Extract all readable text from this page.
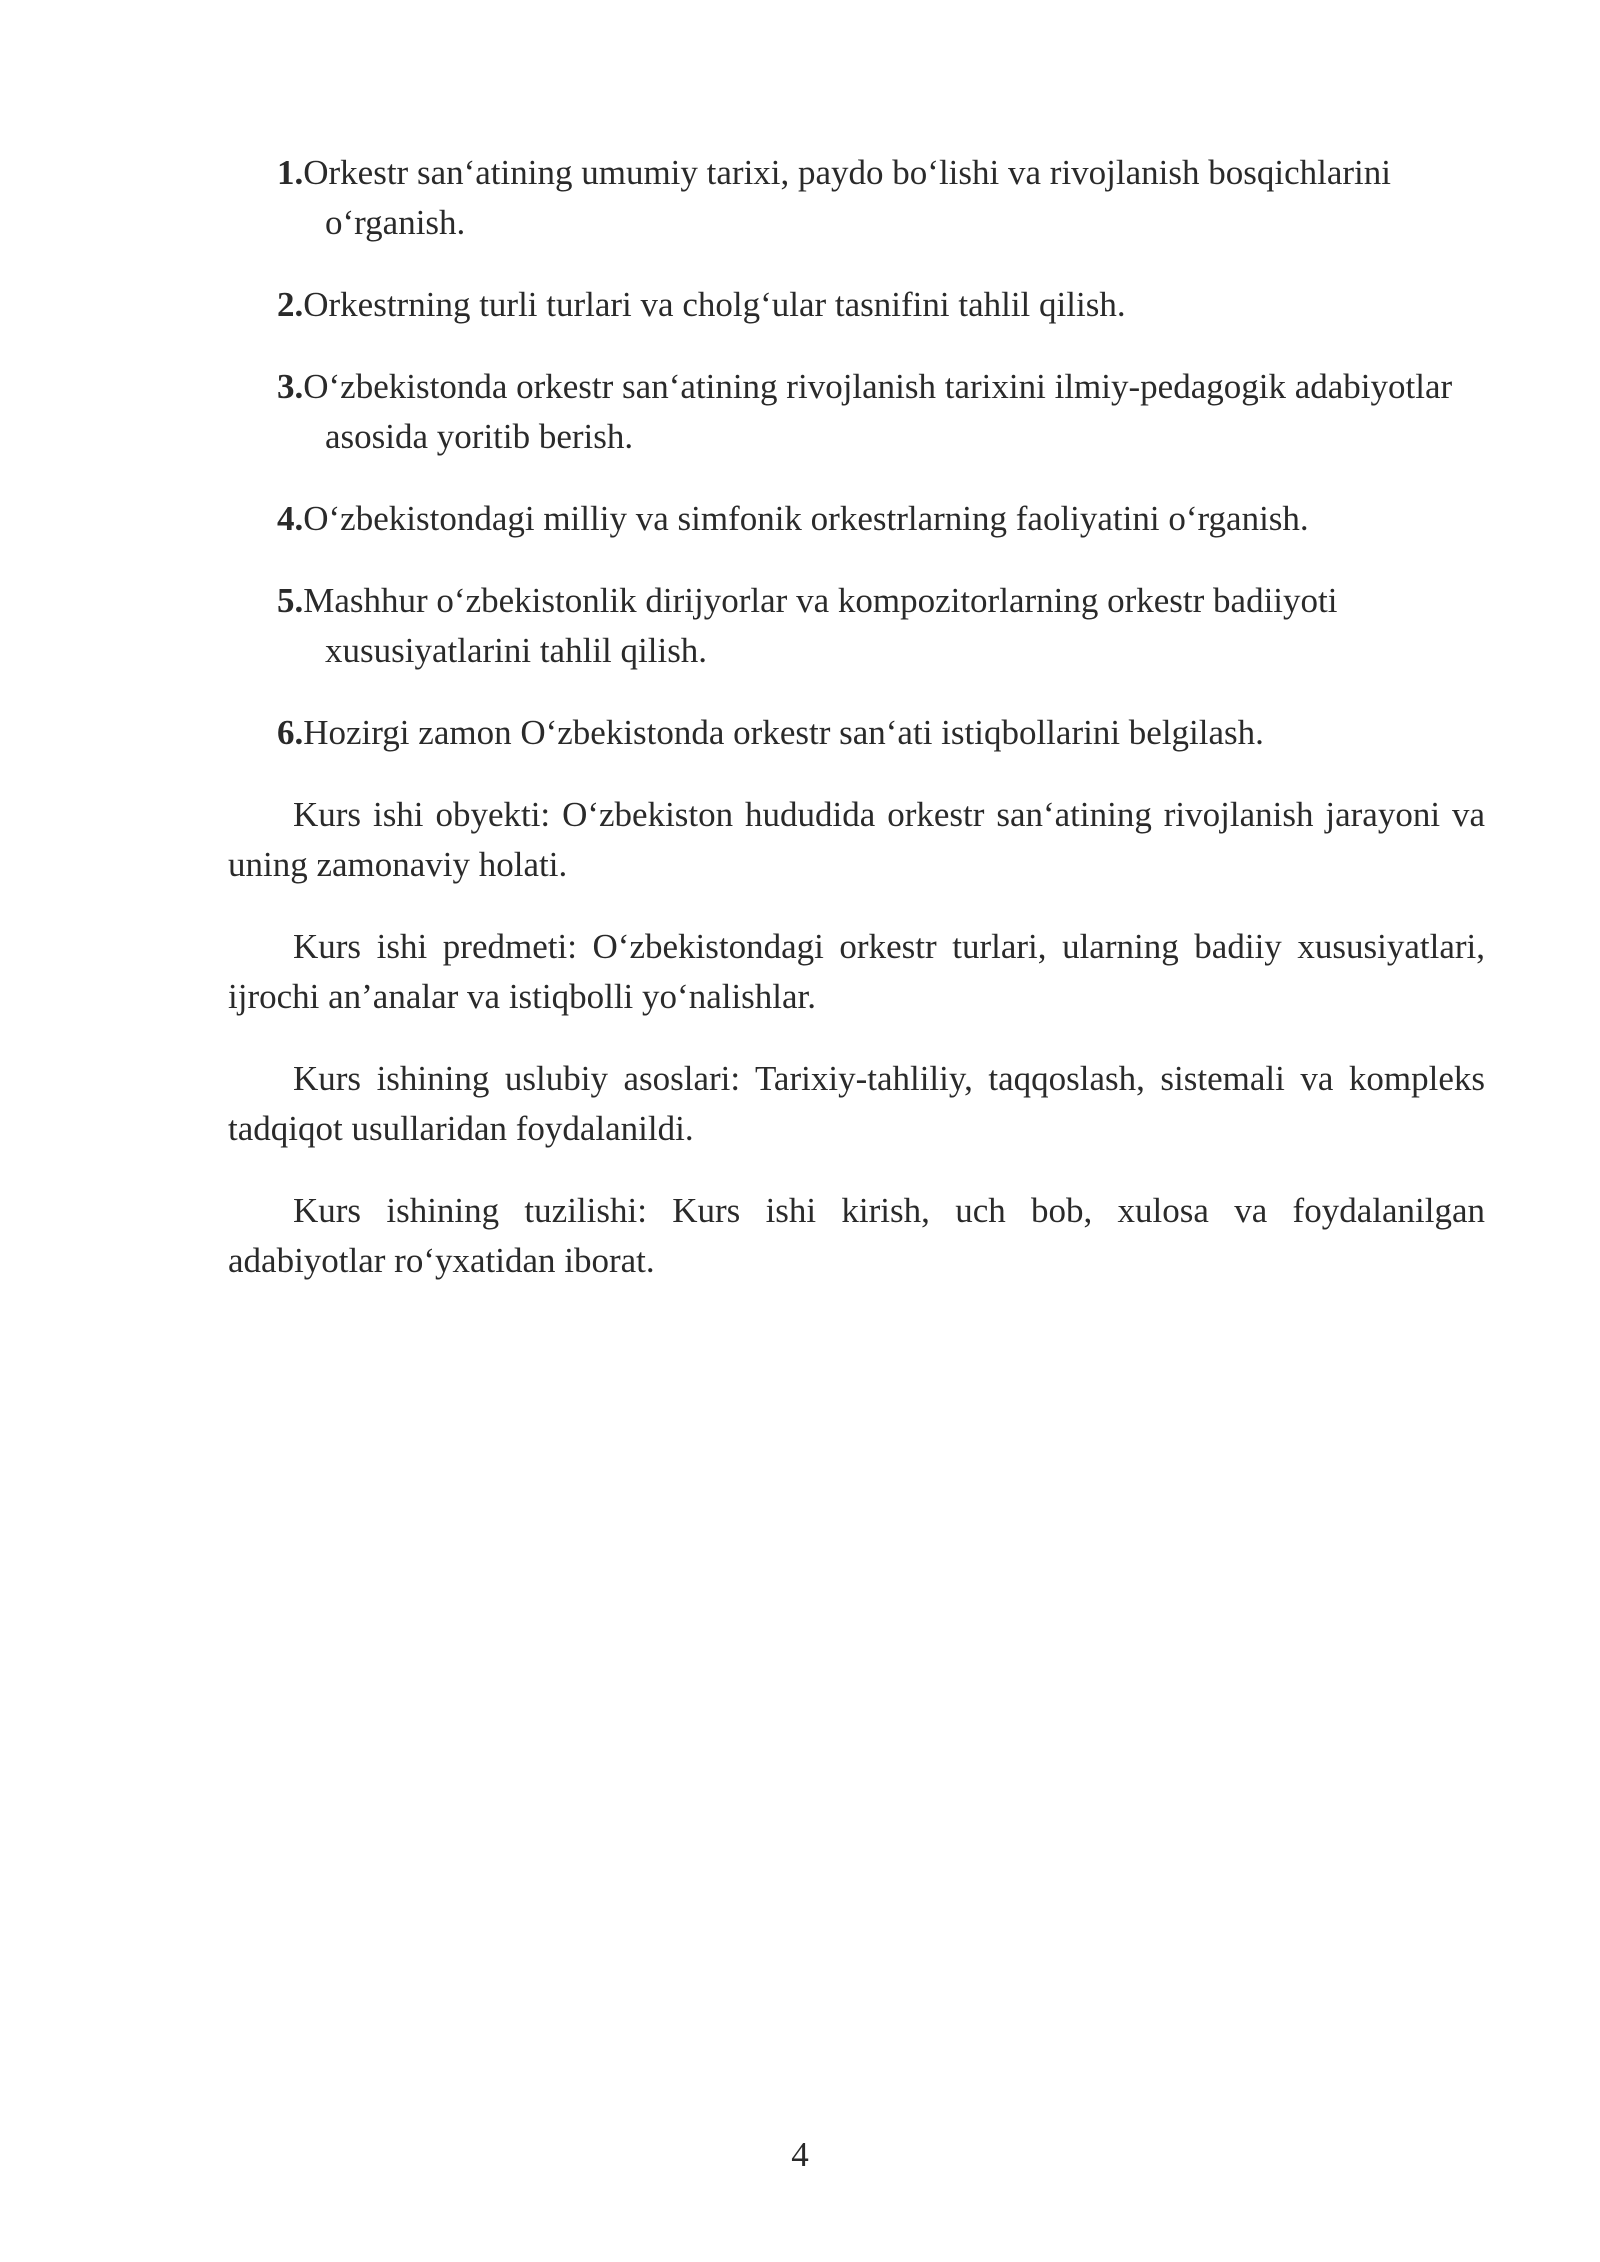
1.Orkestr san‘atining umumiy tarixi, paydo bo‘lishi va rivojlanish bosqichlarini o‘rganish.

2.Orkestrning turli turlari va cholg‘ular tasnifini tahlil qilish.

3.O‘zbekistonda orkestr san‘atining rivojlanish tarixini ilmiy-pedagogik adabiyotlar asosida yoritib berish.

4.O‘zbekistondagi milliy va simfonik orkestrlarning faoliyatini o‘rganish.

5.Mashhur o‘zbekistonlik dirijyorlar va kompozitorlarning orkestr badiiyoti xususiyatlarini tahlil qilish.

6.Hozirgi zamon O‘zbekistonda orkestr san‘ati istiqbollarini belgilash.

Kurs ishi obyekti: O‘zbekiston hududida orkestr san‘atining rivojlanish jarayoni va uning zamonaviy holati.

Kurs ishi predmeti: O‘zbekistondagi orkestr turlari, ularning badiiy xususiyatlari, ijrochi an’analar va istiqbolli yo‘nalishlar.

Kurs ishining uslubiy asoslari: Tarixiy-tahliliy, taqqoslash, sistemali va kompleks tadqiqot usullaridan foydalanildi.

Kurs ishining tuzilishi: Kurs ishi kirish, uch bob, xulosa va foydalanilgan adabiyotlar ro‘yxatidan iborat.

4
